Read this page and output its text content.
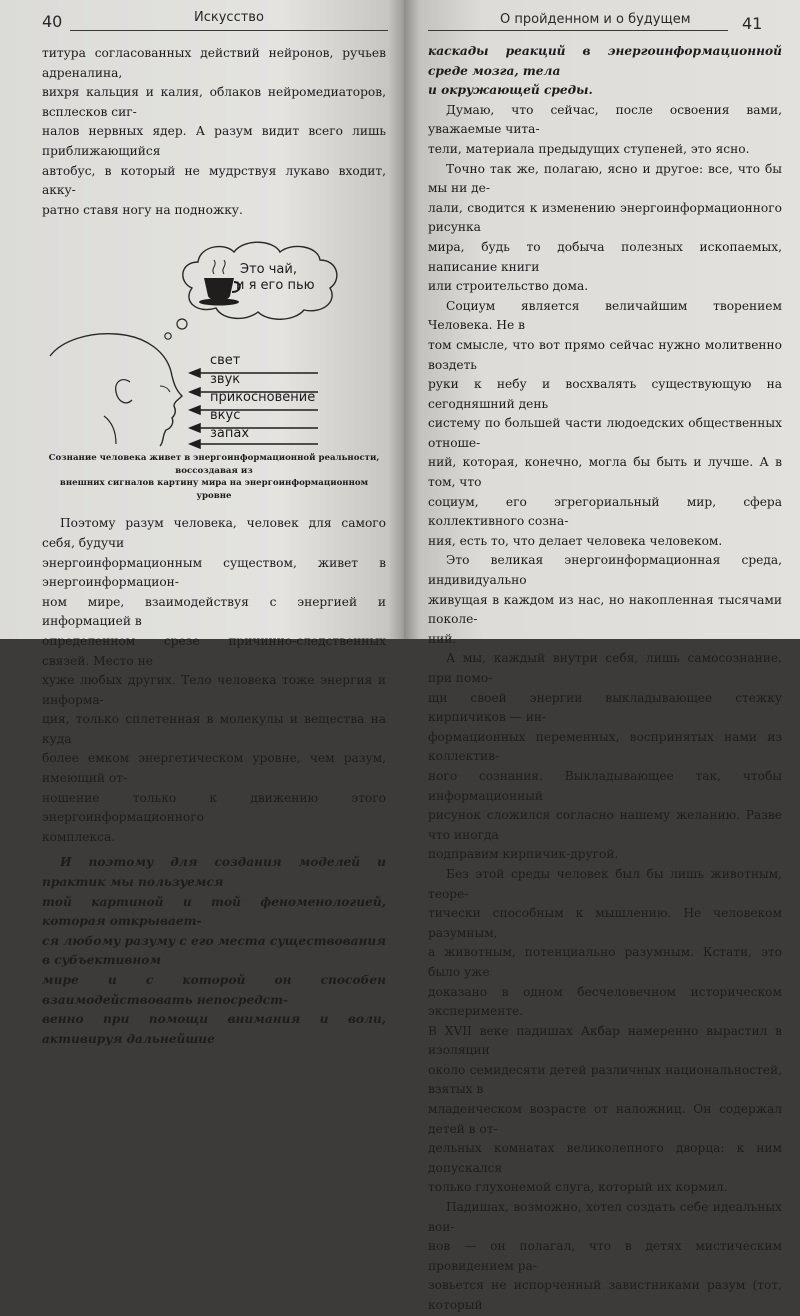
40	Искусство

титура согласованных действий нейронов, ручьев адреналина,

вихря кальция и калия, облаков нейромедиаторов, всплесков сиг-

налов нервных ядер. А разум видит всего лишь приближающийся

автобус, в который не мудрствуя лукаво входит, акку-

ратно ставя ногу на подножку.

Это чай,
и я его пью
свет
звук
прикосновение
вкус
запах
Сознание человека живет в энергоинформационной реальности, воссоздавая из
внешних сигналов картину мира на энергоинформационном уровне

Поэтому разум человека, человек для самого себя, будучи

энергоинформационным существом, живет в энергоинформацион-

ном мире, взаимодействуя с энергией и информацией в

определенном срезе причинно-следственных связей. Место не

хуже любых других. Тело человека тоже энергия и информа-

ция, только сплетенная в молекулы и вещества на куда

более емком энергетическом уровне, чем разум, имеющий от-

ношение только к движению этого энергоинформационного

комплекса.

И поэтому для создания моделей и практик мы пользуемся

той картиной и той феноменологией, которая открывает-

ся любому разуму с его места существования в субъективном

мире и с которой он способен взаимодействовать непосредст-

венно при помощи внимания и воли, активируя дальнейшие

О пройденном и о будущем	41

каскады реакций в энергоинформационной среде мозга, тела

и окружающей среды.

Думаю, что сейчас, после освоения вами, уважаемые чита-

тели, материала предыдущих ступеней, это ясно.

Точно так же, полагаю, ясно и другое: все, что бы мы ни де-

лали, сводится к изменению энергоинформационного рисунка

мира, будь то добыча полезных ископаемых, написание книги

или строительство дома.

Социум является величайшим творением Человека. Не в

том смысле, что вот прямо сейчас нужно молитвенно воздеть

руки к небу и восхвалять существующую на сегодняшний день

систему по большей части людоедских общественных отноше-

ний, которая, конечно, могла бы быть и лучше. А в том, что

социум, его эгрегориальный мир, сфера коллективного созна-

ния, есть то, что делает человека человеком.

Это великая энергоинформационная среда, индивидуально

живущая в каждом из нас, но накопленная тысячами поколе-

ний.

А мы, каждый внутри себя, лишь самосознание, при помо-

щи своей энергии выкладывающее стежку кирпичиков — ин-

формационных переменных, воспринятых нами из коллектив-

ного сознания. Выкладывающее так, чтобы информационный

рисунок сложился согласно нашему желанию. Разве что иногда

подправим кирпичик-другой.

Без этой среды человек был бы лишь животным, теоре-

тически способным к мышлению. Не человеком разумным,

а животным, потенциально разумным. Кстати, это было уже

доказано в одном бесчеловечном историческом эксперименте.

В XVII веке падишах Акбар намеренно вырастил в изоляции

около семидесяти детей различных национальностей, взятых в

младенческом возрасте от наложниц. Он содержал детей в от-

дельных комнатах великолепного дворца: к ним допускался

только глухонемой слуга, который их кормил.

Падишах, возможно, хотел создать себе идеальных вои-

нов — он полагал, что в детях мистическим провидением ра-

зовьется не испорченный завистниками разум (тот, который
